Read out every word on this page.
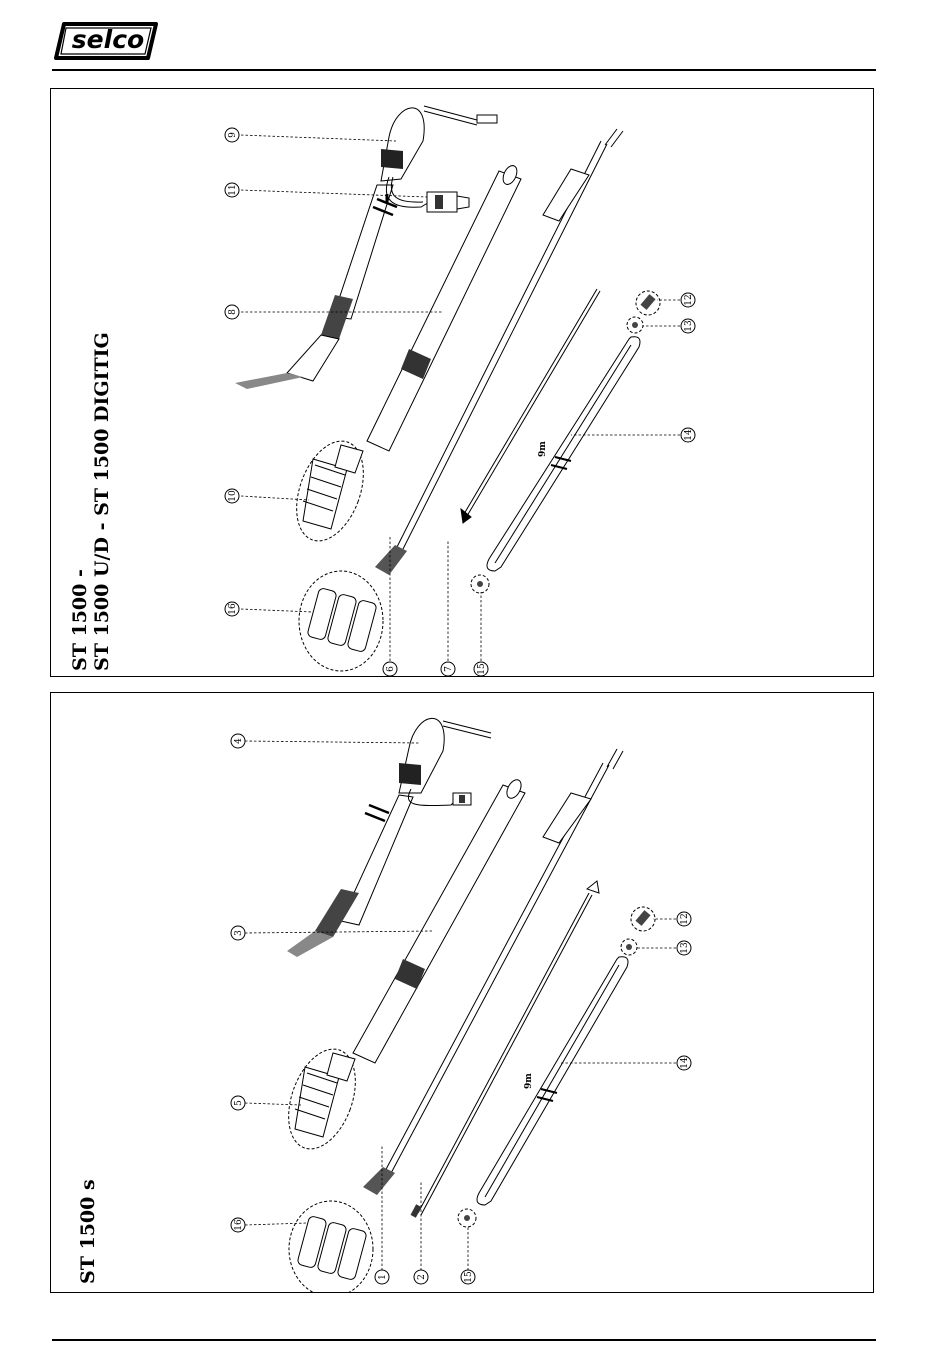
selco
ST 1500 - ST 1500 U/D - ST 1500 DIGITIG
9
11
8
10
16
6	7	15
12
13
14
9m
ST 1500 s
4
3
5
16
1	2	15
12
13
14
9m
